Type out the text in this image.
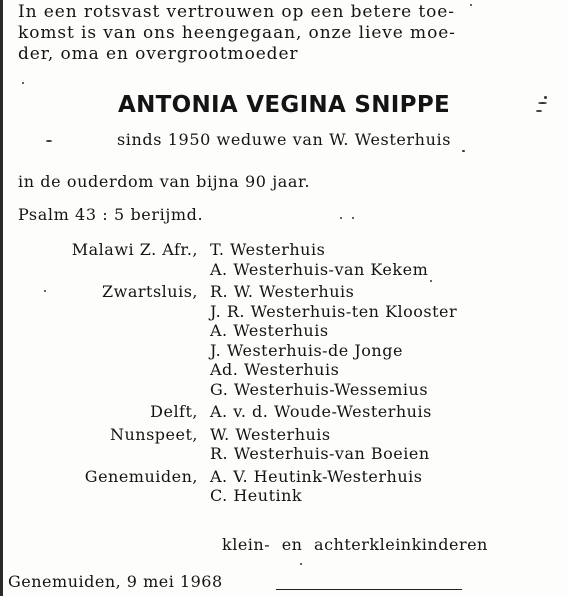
In een rotsvast vertrouwen op een betere toe-
komst is van ons heengegaan, onze lieve moe-
der, oma en overgrootmoeder

ANTONIA VEGINA SNIPPE
sinds 1950 weduwe van W. Westerhuis
in de ouderdom van bijna 90 jaar.
Psalm 43 : 5 berijmd.
Malawi Z. Afr., T. Westerhuis
A. Westerhuis-van Kekem
Zwartsluis, R. W. Westerhuis
J. R. Westerhuis-ten Klooster
A. Westerhuis
J. Westerhuis-de Jonge
Ad. Westerhuis
G. Westerhuis-Wessemius
Delft, A. v. d. Woude-Westerhuis
Nunspeet, W. Westerhuis
R. Westerhuis-van Boeien
Genemuiden, A. V. Heutink-Westerhuis
C. Heutink
klein- en achterkleinkinderen
Genemuiden, 9 mei 1968
